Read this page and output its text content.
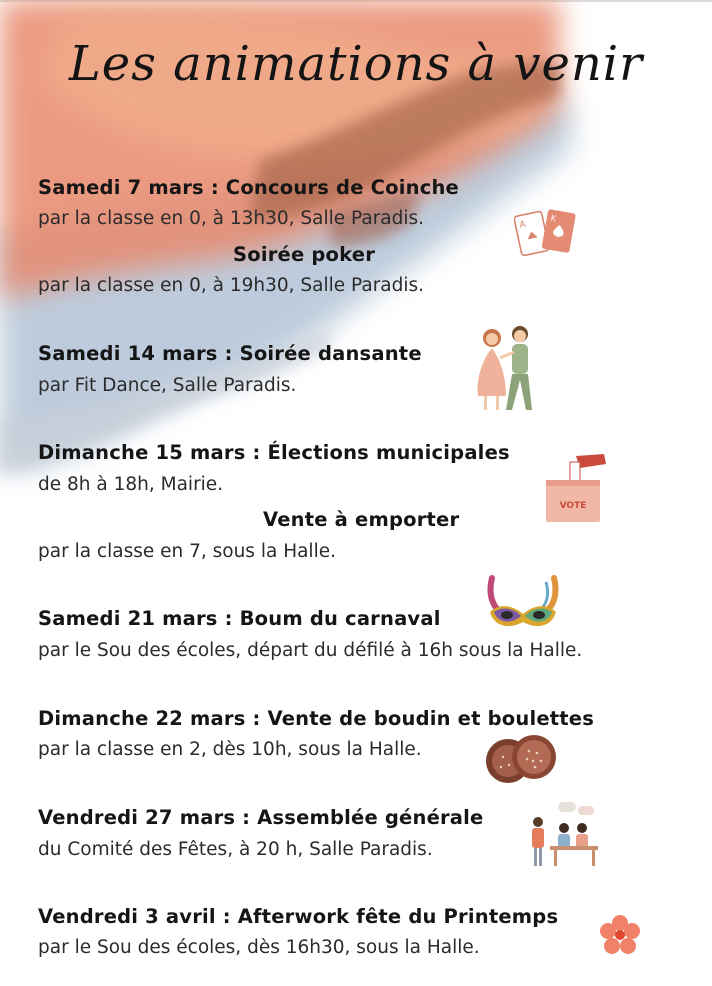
Les animations à venir
Samedi 7 mars : Concours de Coinche
par la classe en 0, à 13h30, Salle Paradis.
Soirée poker
par la classe en 0, à 19h30, Salle Paradis.
Samedi 14 mars : Soirée dansante
par Fit Dance, Salle Paradis.
Dimanche 15 mars : Élections municipales
de 8h à 18h, Mairie.
Vente à emporter
par la classe en 7, sous la Halle.
Samedi 21 mars : Boum du carnaval
par le Sou des écoles, départ du défilé à 16h sous la Halle.
Dimanche 22 mars : Vente de boudin et boulettes
par la classe en 2, dès 10h, sous la Halle.
Vendredi 27 mars : Assemblée générale
du Comité des Fêtes, à 20 h, Salle Paradis.
Vendredi 3 avril : Afterwork fête du Printemps
par le Sou des écoles, dès 16h30, sous la Halle.
A
K
VOTE
